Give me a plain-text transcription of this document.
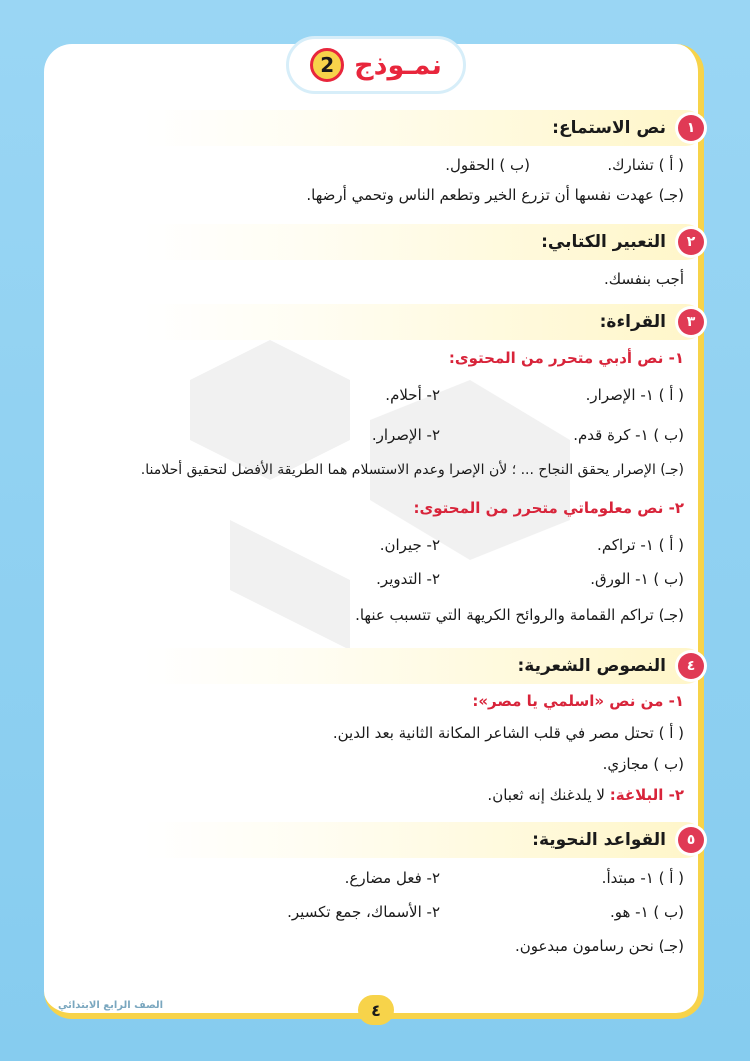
نمـوذج
2
١
نص الاستماع:
( أ ) تشارك.
(ب ) الحقول.
(جـ) عهدت نفسها أن تزرع الخير وتطعم الناس وتحمي أرضها.
٢
التعبير الكتابي:
أجب بنفسك.
٣
القراءة:
١- نص أدبي متحرر من المحتوى:
( أ ) ١- الإصرار.
٢- أحلام.
(ب ) ١- كرة قدم.
٢- الإصرار.
(جـ) الإصرار يحقق النجاح ... ؛ لأن الإصرا وعدم الاستسلام هما الطريقة الأفضل لتحقيق أحلامنا.
٢- نص معلوماتي متحرر من المحتوى:
( أ ) ١- تراكم.
٢- جيران.
(ب ) ١- الورق.
٢- التدوير.
(جـ) تراكم القمامة والروائح الكريهة التي تتسبب عنها.
٤
النصوص الشعرية:
١- من نص «اسلمي يا مصر»:
( أ ) تحتل مصر في قلب الشاعر المكانة الثانية بعد الدين.
(ب ) مجازي.
٢- البلاغة: لا يلدغنك إنه ثعبان.
٥
القواعد النحوية:
( أ ) ١- مبتدأ.
٢- فعل مضارع.
(ب ) ١- هو.
٢- الأسماك، جمع تكسير.
(جـ) نحن رسامون مبدعون.
الصف الرابع الابتدائي	٤
